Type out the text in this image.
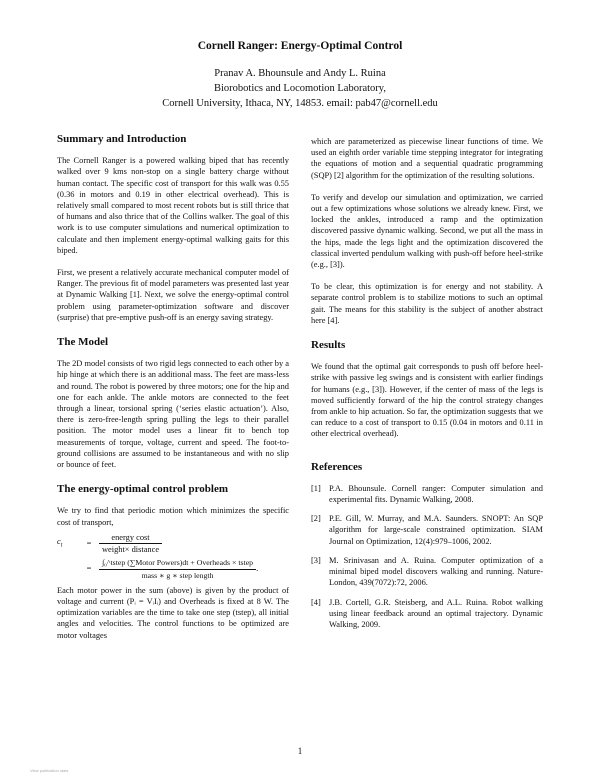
Cornell Ranger: Energy-Optimal Control
Pranav A. Bhounsule and Andy L. Ruina
Biorobotics and Locomotion Laboratory,
Cornell University, Ithaca, NY, 14853. email: pab47@cornell.edu

Summary and Introduction

The Cornell Ranger is a powered walking biped that has recently walked over 9 kms non-stop on a single battery charge without human contact. The specific cost of transport for this walk was 0.55 (0.36 in motors and 0.19 in other electrical overhead). This is relatively small compared to most recent robots but is still thrice that of humans and also thrice that of the Collins walker. The goal of this work is to use computer simulations and numerical optimization to calculate and then implement energy-optimal walking gaits for this biped.

First, we present a relatively accurate mechanical computer model of Ranger. The previous fit of model parameters was presented last year at Dynamic Walking [1]. Next, we solve the energy-optimal control problem using parameter-optimization software and discover (surprise) that pre-emptive push-off is an energy saving strategy.

The Model

The 2D model consists of two rigid legs connected to each other by a hip hinge at which there is an additional mass. The feet are mass-less and round. The robot is powered by three motors; one for the hip and one for each ankle. The ankle motors are connected to the feet through a linear, torsional spring (‘series elastic actuation’). Also, there is zero-free-length spring pulling the legs to their parallel position. The motor model uses a linear fit to bench top measurements of torque, voltage, current and speed. The foot-to-ground collisions are assumed to be instantaneous and with no slip or bounce of feet.

The energy-optimal control problem

We try to find that periodic motion which minimizes the specific cost of transport,

$c_t$	= $\frac{\text{energy cost}}{\text{weight× distance}}$
= $\frac{\text{∫₀\textasciicircum{}tstep (∑Motor Powers)dt + Overheads × tstep}}{\text{mass ∗ g ∗ step length}}$ .

Each motor power in the sum (above) is given by the product of voltage and current (Pᵢ = VᵢIᵢ) and Overheads is fixed at 8 W. The optimization variables are the time to take one step (tstep), all initial angles and velocities. The control functions to be optimized are motor voltages

which are parameterized as piecewise linear functions of time. We used an eighth order variable time stepping integrator for integrating the equations of motion and a sequential quadratic programming (SQP) [2] algorithm for the optimization of the resulting solutions.

To verify and develop our simulation and optimization, we carried out a few optimizations whose solutions we already knew. First, we locked the ankles, introduced a ramp and the optimization discovered passive dynamic walking. Second, we put all the mass in the hips, made the legs light and the optimization discovered the classical inverted pendulum walking with push-off before heel-strike (e.g., [3]).

To be clear, this optimization is for energy and not stability. A separate control problem is to stabilize motions to such an optimal gait. The means for this stability is the subject of another abstract here [4].

Results

We found that the optimal gait corresponds to push off before heel-strike with passive leg swings and is consistent with earlier findings for humans (e.g., [3]). However, if the center of mass of the legs is moved sufficiently forward of the hip the control strategy changes from ankle to hip actuation. So far, the optimization suggests that we can reduce to a cost of transport to 0.15 (0.04 in motors and 0.11 in other electrical overhead).

References

[1] P.A. Bhounsule. Cornell ranger: Computer simulation and experimental fits. Dynamic Walking, 2008.
[2] P.E. Gill, W. Murray, and M.A. Saunders. SNOPT: An SQP algorithm for large-scale constrained optimization. SIAM Journal on Optimization, 12(4):979–1006, 2002.
[3] M. Srinivasan and A. Ruina. Computer optimization of a minimal biped model discovers walking and running. Nature-London, 439(7072):72, 2006.
[4] J.B. Cortell, G.R. Steisberg, and A.L. Ruina. Robot walking using linear feedback around an optimal trajectory. Dynamic Walking, 2009.
1
View publication stats
